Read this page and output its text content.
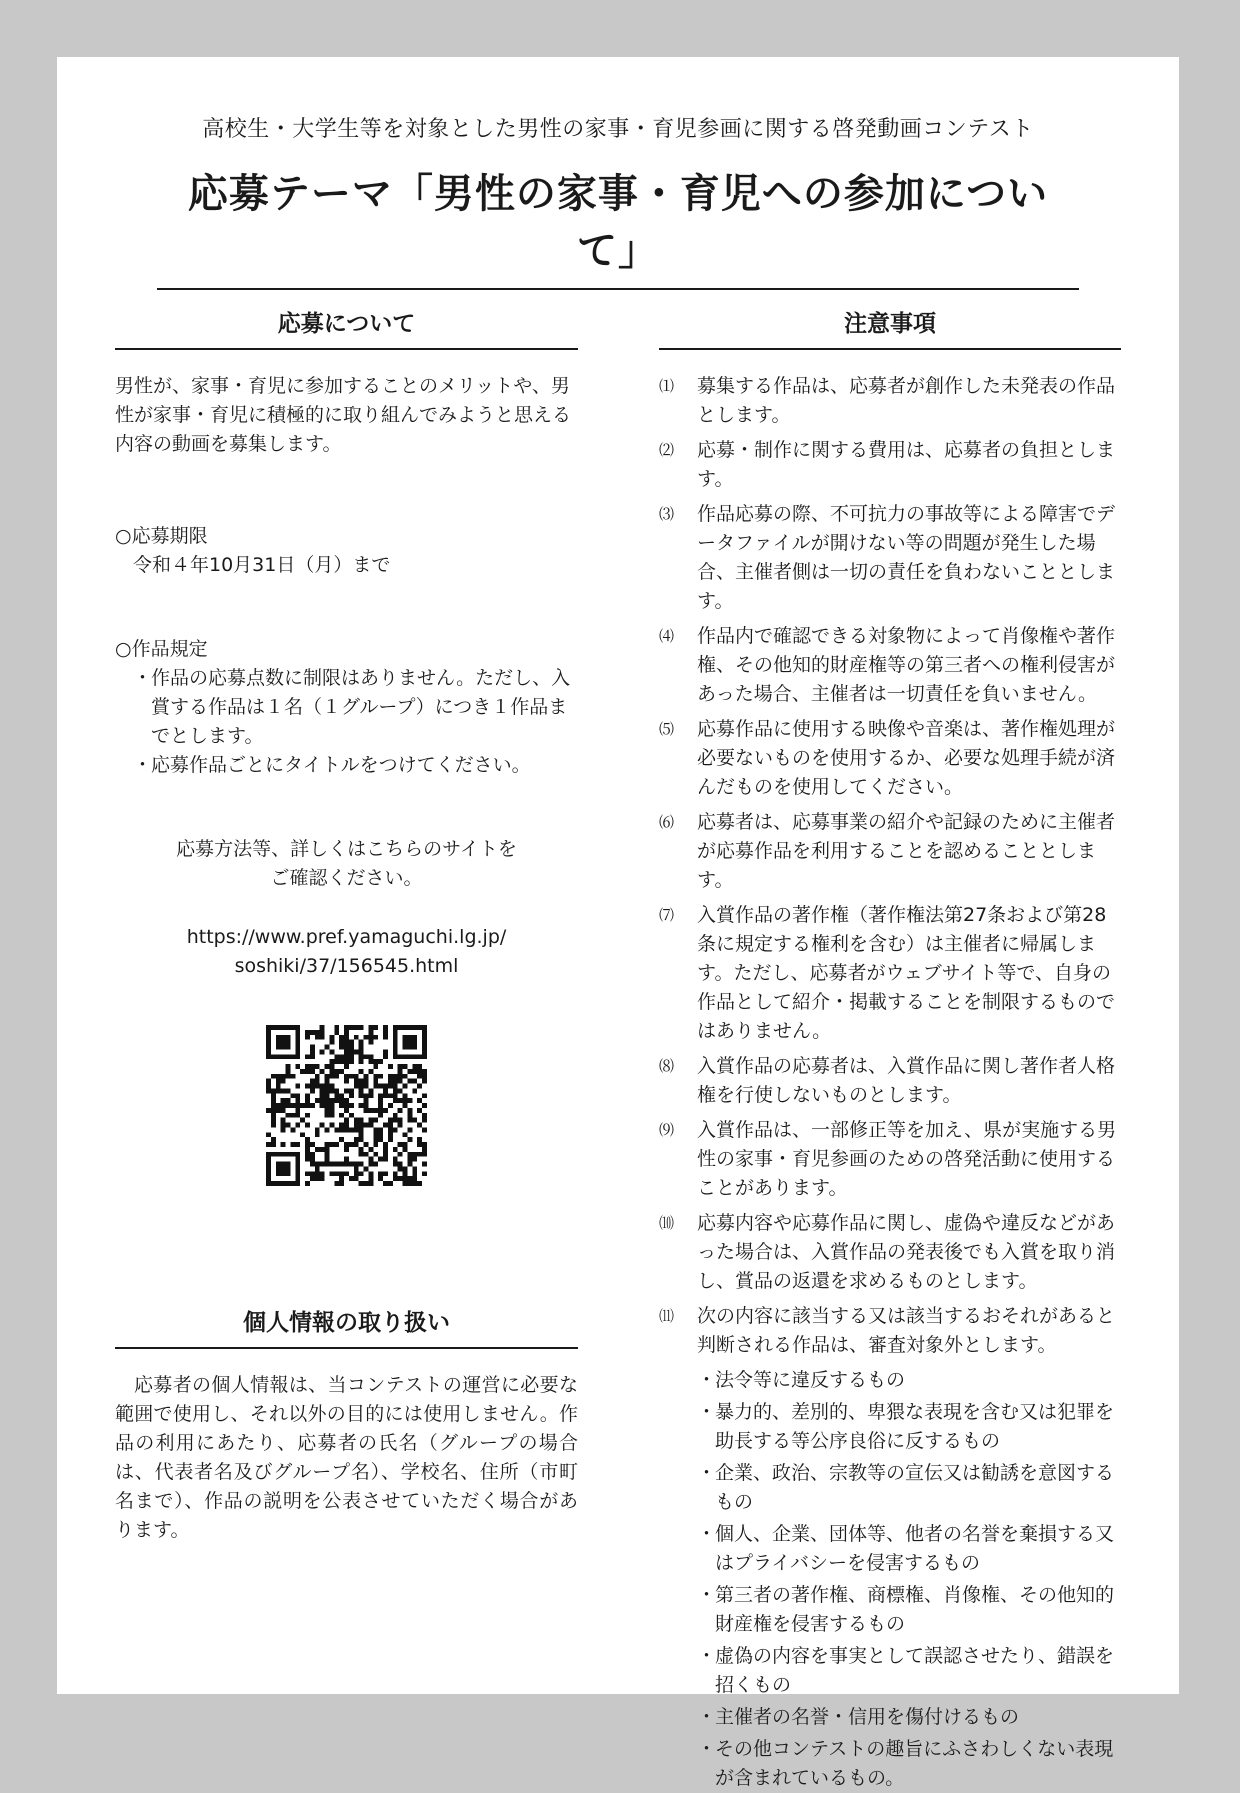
高校生・大学生等を対象とした男性の家事・育児参画に関する啓発動画コンテスト
応募テーマ「男性の家事・育児への参加について」
応募について
男性が、家事・育児に参加することのメリットや、男性が家事・育児に積極的に取り組んでみようと思える内容の動画を募集します。
○応募期限
令和４年10月31日（月）まで
○作品規定
・
作品の応募点数に制限はありません。ただし、入賞する作品は１名（１グループ）につき１作品までとします。
・
応募作品ごとにタイトルをつけてください。
応募方法等、詳しくはこちらのサイトを
ご確認ください。
https://www.pref.yamaguchi.lg.jp/
soshiki/37/156545.html
個人情報の取り扱い
応募者の個人情報は、当コンテストの運営に必要な範囲で使用し、それ以外の目的には使用しません。作品の利用にあたり、応募者の氏名（グループの場合は、代表者名及びグループ名）、学校名、住所（市町名まで）、作品の説明を公表させていただく場合があります。
注意事項
⑴	募集する作品は、応募者が創作した未発表の作品とします。
⑵	応募・制作に関する費用は、応募者の負担とします。
⑶	作品応募の際、不可抗力の事故等による障害でデータファイルが開けない等の問題が発生した場合、主催者側は一切の責任を負わないこととします。
⑷	作品内で確認できる対象物によって肖像権や著作権、その他知的財産権等の第三者への権利侵害があった場合、主催者は一切責任を負いません。
⑸	応募作品に使用する映像や音楽は、著作権処理が必要ないものを使用するか、必要な処理手続が済んだものを使用してください。
⑹	応募者は、応募事業の紹介や記録のために主催者が応募作品を利用することを認めることとします。
⑺	入賞作品の著作権（著作権法第27条および第28条に規定する権利を含む）は主催者に帰属します。ただし、応募者がウェブサイト等で、自身の作品として紹介・掲載することを制限するものではありません。
⑻	入賞作品の応募者は、入賞作品に関し著作者人格権を行使しないものとします。
⑼	入賞作品は、一部修正等を加え、県が実施する男性の家事・育児参画のための啓発活動に使用することがあります。
⑽	応募内容や応募作品に関し、虚偽や違反などがあった場合は、入賞作品の発表後でも入賞を取り消し、賞品の返還を求めるものとします。
⑾	次の内容に該当する又は該当するおそれがあると判断される作品は、審査対象外とします。
・
法令等に違反するもの
・
暴力的、差別的、卑猥な表現を含む又は犯罪を助長する等公序良俗に反するもの
・
企業、政治、宗教等の宣伝又は勧誘を意図するもの
・
個人、企業、団体等、他者の名誉を棄損する又はプライバシーを侵害するもの
・
第三者の著作権、商標権、肖像権、その他知的財産権を侵害するもの
・
虚偽の内容を事実として誤認させたり、錯誤を招くもの
・
主催者の名誉・信用を傷付けるもの
・
その他コンテストの趣旨にふさわしくない表現が含まれているもの。
